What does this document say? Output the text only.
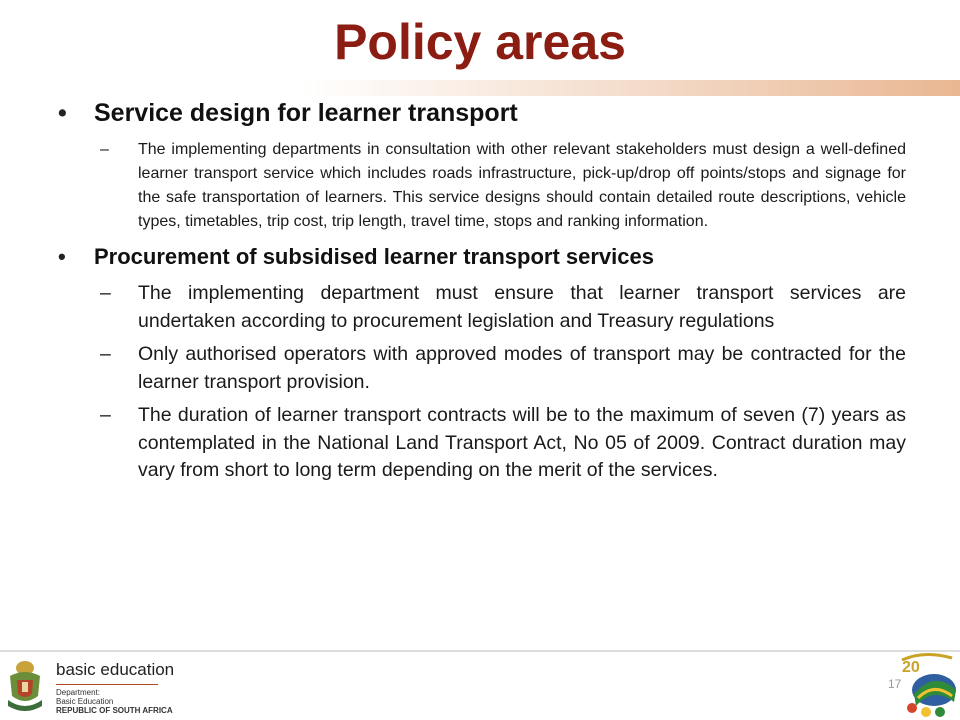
Policy areas
• Service design for learner transport
– The implementing departments in consultation with other relevant stakeholders must design a well-defined learner transport service which includes roads infrastructure, pick-up/drop off points/stops and signage for the safe transportation of learners. This service designs should contain detailed route descriptions, vehicle types, timetables, trip cost, trip length, travel time, stops and ranking information.
• Procurement of subsidised learner transport services
– The implementing department must ensure that learner transport services are undertaken according to procurement legislation and Treasury regulations
– Only authorised operators with approved modes of transport may be contracted for the learner transport provision.
– The duration of learner transport contracts will be to the maximum of seven (7) years as contemplated in the National Land Transport Act, No 05 of 2009. Contract duration may vary from short to long term depending on the merit of the services.
basic education
Department:
Basic Education
REPUBLIC OF SOUTH AFRICA
17
20
